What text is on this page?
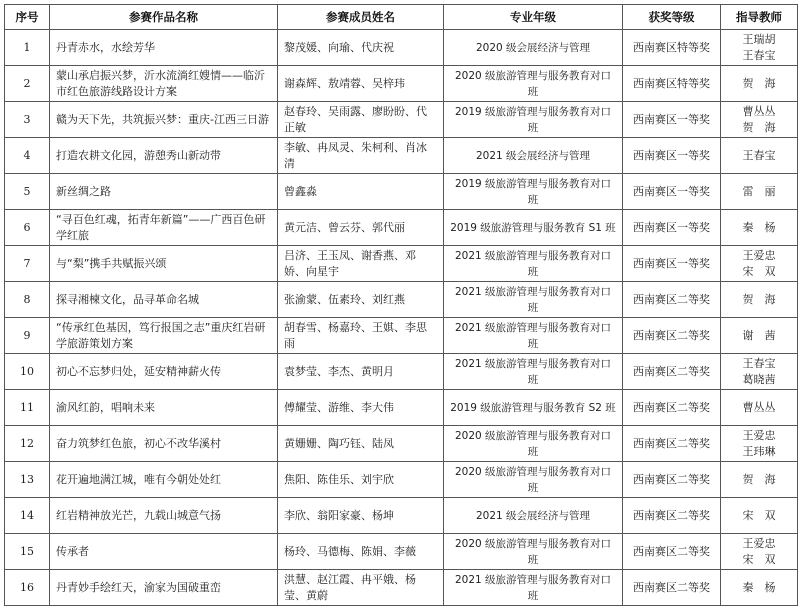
序号	参赛作品名称	参赛成员姓名	专业年级	获奖等级	指导教师
1	丹青赤水，水绘芳华	黎茂媛、向瑜、代庆祝	2020 级会展经济与管理	西南赛区特等奖	王瑞胡
王春宝

2	蒙山承启振兴梦，沂水流淌红嫂情——临沂市红色旅游线路设计方案	谢森辉、敖靖蓉、吴梓玮	2020 级旅游管理与服务教育对口班	西南赛区特等奖	贺　海

3	赣为天下先，共筑振兴梦：重庆-江西三日游	赵春玲、吴雨露、廖盼盼、代正敏	2019 级旅游管理与服务教育对口班	西南赛区一等奖	曹丛丛
贺　海

4	打造农耕文化园，游憩秀山新动带	李敏、冉凤灵、朱柯利、肖冰清	2021 级会展经济与管理	西南赛区一等奖	王春宝

5	新丝绸之路	曾鑫淼	2019 级旅游管理与服务教育对口班	西南赛区一等奖	雷　丽

6	“寻百色红魂，拓青年新篇”——广西百色研学红旅	黄元洁、曾云芬、郭代丽	2019 级旅游管理与服务教育 S1 班	西南赛区一等奖	秦　杨

7	与“梨”携手共赋振兴颂	吕济、王玉凤、谢香燕、邓娇、向星宇	2021 级旅游管理与服务教育对口班	西南赛区一等奖	王爱忠
宋　双

8	探寻湘楝文化，品寻革命名城	张渝蒙、伍素玲、刘红燕	2021 级旅游管理与服务教育对口班	西南赛区二等奖	贺　海

9	“传承红色基因，笃行报国之志”重庆红岩研学旅游策划方案	胡春雪、杨嘉玲、王娸、李思雨	2021 级旅游管理与服务教育对口班	西南赛区二等奖	谢　茜

10	初心不忘梦归处，延安精神薪火传	袁梦莹、李杰、黄明月	2021 级旅游管理与服务教育对口班	西南赛区二等奖	王春宝
葛晓茜

11	渝风红韵，唱响未来	傅耀莹、游维、李大伟	2019 级旅游管理与服务教育 S2 班	西南赛区二等奖	曹丛丛

12	奋力筑梦红色旅，初心不改华溪村	黄姗姗、陶巧钰、陆凤	2020 级旅游管理与服务教育对口班	西南赛区二等奖	王爱忠
王玮琳

13	花开遍地满江城，唯有今朝处处红	焦阳、陈佳乐、刘宇欣	2020 级旅游管理与服务教育对口班	西南赛区二等奖	贺　海

14	红岩精神放光芒，九载山城意气扬	李欣、翁阳家豪、杨坤	2021 级会展经济与管理	西南赛区二等奖	宋　双

15	传承者	杨玲、马德梅、陈娟、李薇	2020 级旅游管理与服务教育对口班	西南赛区二等奖	王爱忠
宋　双

16	丹青妙手绘红天，渝家为国破重峦	洪慧、赵江霞、冉平娥、杨莹、黄蔚	2021 级旅游管理与服务教育对口班	西南赛区二等奖	秦　杨
